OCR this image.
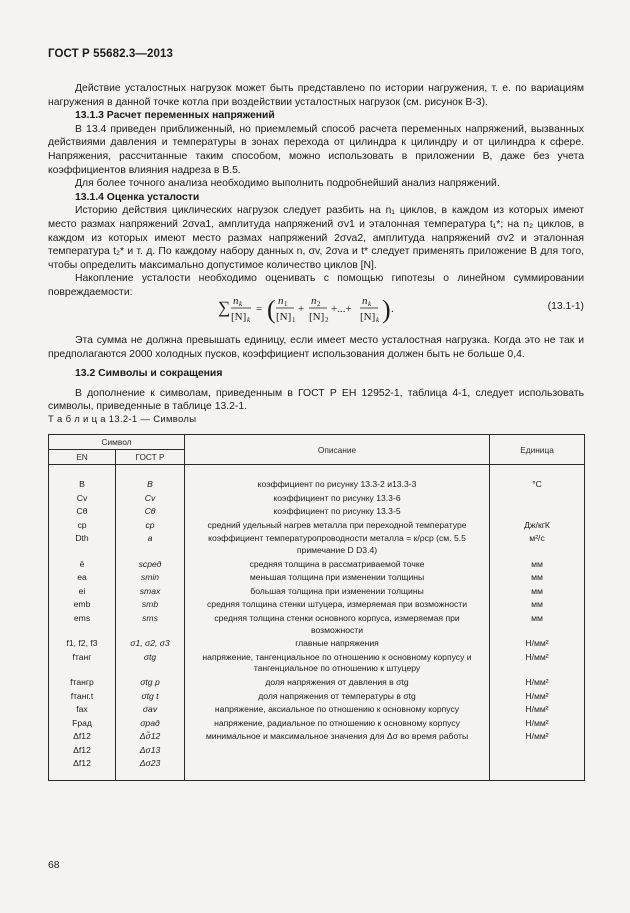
ГОСТ Р 55682.3—2013

Действие усталостных нагрузок может быть представлено по истории нагружения, т. е. по вариациям нагружения в данной точке котла при воздействии усталостных нагрузок (см. рисунок В-3).

13.1.3 Расчет переменных напряжений

В 13.4 приведен приближенный, но приемлемый способ расчета переменных напряжений, вызванных действиями давления и температуры в зонах перехода от цилиндра к цилиндру и от цилиндра к сфере. Напряжения, рассчитанные таким способом, можно использовать в приложении В, даже без учета коэффициентов влияния надреза в В.5.

Для более точного анализа необходимо выполнить подробнейший анализ напряжений.

13.1.4 Оценка усталости

Историю действия циклических нагрузок следует разбить на n₁ циклов, в каждом из которых имеют место размах напряжений 2σva1, амплитуда напряжений σv1 и эталонная температура t₁*; на n₂ циклов, в каждом из которых имеют место размах напряжений 2σva2, амплитуда напряжений σv2 и эталонная температура t₂* и т. д. По каждому набору данных n, σv, 2σva и t* следует применять приложение В для того, чтобы определить максимально допустимое количество циклов [N].

Накопление усталости необходимо оценивать с помощью гипотезы о линейном суммировании повреждаемости:

∑ n k
[N] k
= ( n 1
[N] 1
+
n 2
[N] 2
+...+
n k
[N] k ) .	(13.1-1)

Эта сумма не должна превышать единицу, если имеет место усталостная нагрузка. Когда это не так и предполагаются 2000 холодных пусков, коэффициент использования должен быть не больше 0,4.

13.2 Символы и сокращения

В дополнение к символам, приведенным в ГОСТ Р ЕН 12952-1, таблица 4-1, следует использовать символы, приведенные в таблице 13.2-1.

Т а б л и ц а 13.2-1 — Символы
Символ		Описание	Единица
EN	ГОСТ Р		
B	B	коэффициент по рисунку 13.3-2 и13.3-3	°С
Cv	Cv	коэффициент по рисунку 13.3-6	
Cθ	Cθ	коэффициент по рисунку 13.3-5	
cp	cp	средний удельный нагрев металла при переходной температуре	Дж/кгК
Dth	a	коэффициент температуропроводности металла = к/ρcp (см. 5.5 примечание D D3.4)	м²/с
ē	sсред	средняя толщина в рассматриваемой точке	мм
eа	smin	меньшая толщина при изменении толщины	мм
ei	smax	большая толщина при изменении толщины	мм
emb	smb	средняя толщина стенки штуцера, измеряемая при возможности	мм
ems	sms	средняя толщина стенки основного корпуса, измеряемая при возможности	мм
f1, f2, f3	σ1, σ2, σ3	главные напряжения	Н/мм²
fтанг	σtg	напряжение, тангенциальное по отношению к основному корпусу и тангенциальное по отношению к штуцеру	Н/мм²
fтангр	σtg p	доля напряжения от давления в σtg	Н/мм²
fтанг.t	σtg t	доля напряжения от температуры в σtg	Н/мм²
fax	σav	напряжение, аксиальное по отношению к основному корпусу	Н/мм²
Fрад	σрад	напряжение, радиальное по отношению к основному корпусу	Н/мм²
Δf12	Δσ̃12	минимальное и максимальное значения для Δσ во время работы	Н/мм²
Δf12	Δσ13		
Δf12	Δσ23		
68
